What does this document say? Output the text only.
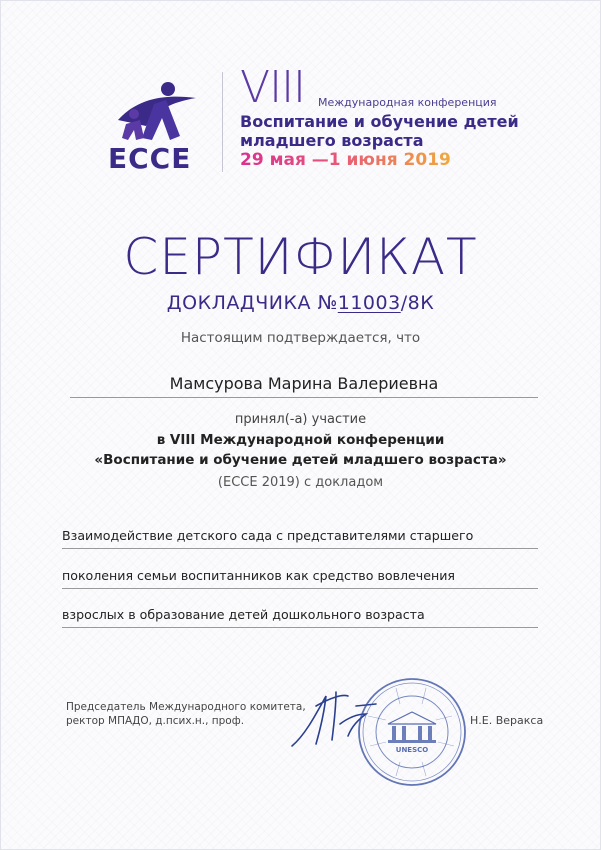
ECCE
VIII Международная конференция
Воспитание и обучение детей
младшего возраста
29 мая —1 июня 2019
СЕРТИФИКАТ
ДОКЛАДЧИКА №11003/8К
Настоящим подтверждается, что
Мамсурова Марина Валериевна
принял(-а) участие
в VIII Международной конференции
«Воспитание и обучение детей младшего возраста»
(ЕССЕ 2019) с докладом
Взаимодействие детского сада с представителями старшего
поколения семьи воспитанников как средство вовлечения
взрослых в образование детей дошкольного возраста
Председатель Международного комитета,
ректор МПАДО, д.псих.н., проф.
UNESCO
Н.Е. Веракса
